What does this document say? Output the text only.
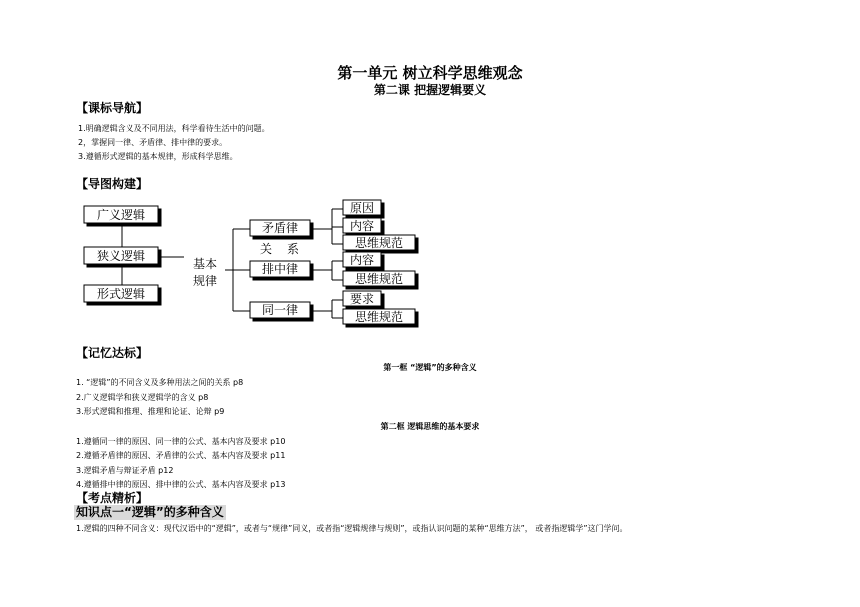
第一单元 树立科学思维观念
第二课 把握逻辑要义
【课标导航】
1.明确逻辑含义及不同用法，科学看待生活中的问题。
2，掌握同一律、矛盾律、排中律的要求。
3.遵循形式逻辑的基本规律，形成科学思维。
【导图构建】
广义逻辑
狭义逻辑
形式逻辑
基本
规律
关 系
矛盾律
排中律
同一律
原因
内容
思维规范
内容
思维规范
要求
思维规范
【记忆达标】
第一框 “逻辑”的多种含义
1. “逻辑”的不同含义及多种用法之间的关系 p8
2.广义逻辑学和狭义逻辑学的含义 p8
3.形式逻辑和推理、推理和论证、论辩 p9
第二框 逻辑思维的基本要求
1.遵循同一律的原因、同一律的公式、基本内容及要求 p10
2.遵循矛盾律的原因、矛盾律的公式、基本内容及要求 p11
3.逻辑矛盾与辩证矛盾 p12
4.遵循排中律的原因、排中律的公式、基本内容及要求 p13
【考点精析】
知识点一“逻辑”的多种含义
1.逻辑的四种不同含义：现代汉语中的“逻辑”，或者与“规律”同义，或者指“逻辑规律与规则”，或指认识问题的某种“思维方法”， 或者指逻辑学”这门学问。
